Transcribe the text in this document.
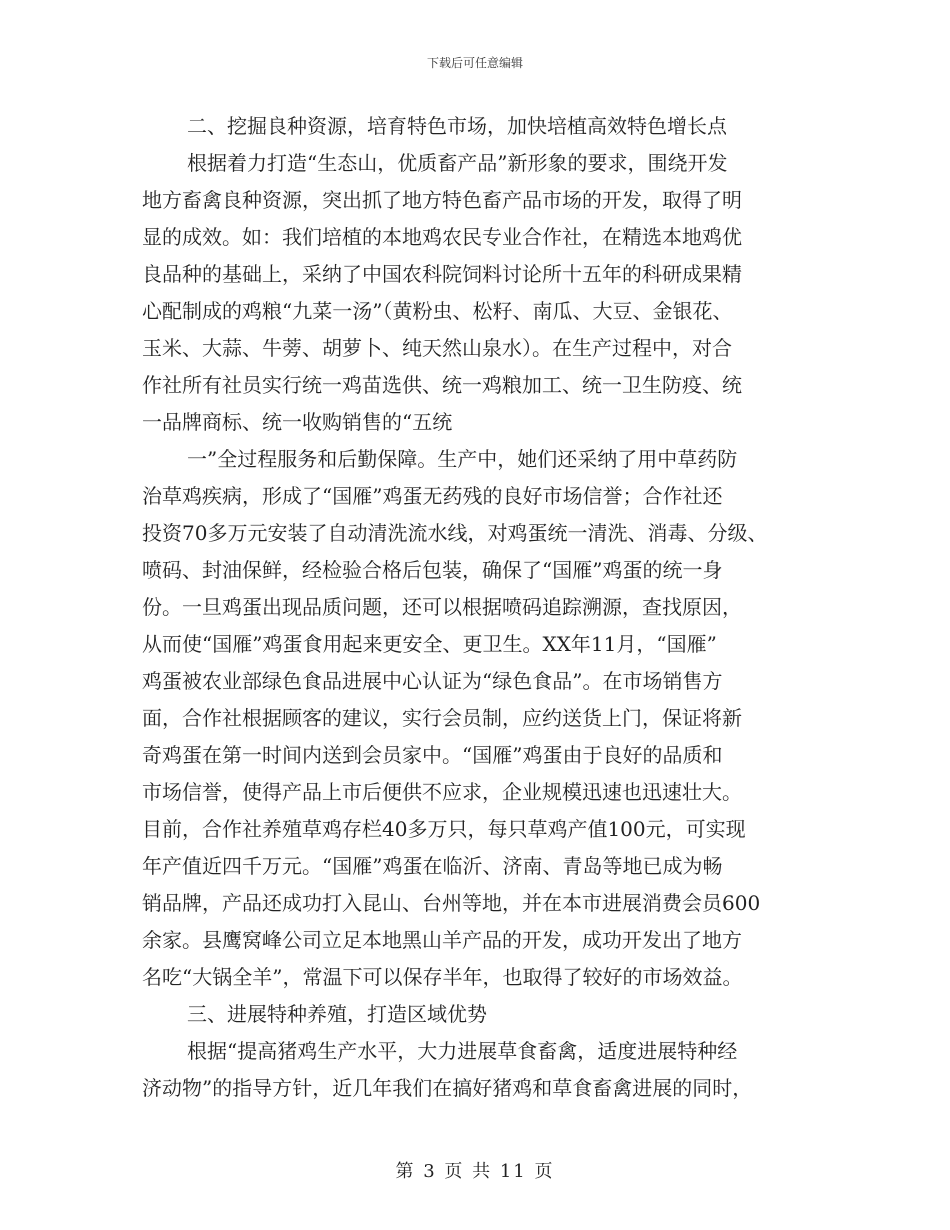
下载后可任意编辑
二、挖掘良种资源，培育特色市场，加快培植高效特色增长点
根据着力打造“生态山，优质畜产品”新形象的要求，围绕开发
地方畜禽良种资源，突出抓了地方特色畜产品市场的开发，取得了明
显的成效。如：我们培植的本地鸡农民专业合作社，在精选本地鸡优
良品种的基础上，采纳了中国农科院饲料讨论所十五年的科研成果精
心配制成的鸡粮“九菜一汤”（黄粉虫、松籽、南瓜、大豆、金银花、
玉米、大蒜、牛蒡、胡萝卜、纯天然山泉水）。在生产过程中，对合
作社所有社员实行统一鸡苗选供、统一鸡粮加工、统一卫生防疫、统
一品牌商标、统一收购销售的“五统
一”全过程服务和后勤保障。生产中，她们还采纳了用中草药防
治草鸡疾病，形成了“国雁”鸡蛋无药残的良好市场信誉；合作社还
投资70多万元安装了自动清洗流水线，对鸡蛋统一清洗、消毒、分级、
喷码、封油保鲜，经检验合格后包装，确保了“国雁”鸡蛋的统一身
份。一旦鸡蛋出现品质问题，还可以根据喷码追踪溯源，查找原因，
从而使“国雁”鸡蛋食用起来更安全、更卫生。XX年11月，“国雁”
鸡蛋被农业部绿色食品进展中心认证为“绿色食品”。在市场销售方
面，合作社根据顾客的建议，实行会员制，应约送货上门，保证将新
奇鸡蛋在第一时间内送到会员家中。“国雁”鸡蛋由于良好的品质和
市场信誉，使得产品上市后便供不应求，企业规模迅速也迅速壮大。
目前，合作社养殖草鸡存栏40多万只，每只草鸡产值100元，可实现
年产值近四千万元。“国雁”鸡蛋在临沂、济南、青岛等地已成为畅
销品牌，产品还成功打入昆山、台州等地，并在本市进展消费会员600
余家。县鹰窝峰公司立足本地黑山羊产品的开发，成功开发出了地方
名吃“大锅全羊”，常温下可以保存半年，也取得了较好的市场效益。
三、进展特种养殖，打造区域优势
根据“提高猪鸡生产水平，大力进展草食畜禽，适度进展特种经
济动物”的指导方针，近几年我们在搞好猪鸡和草食畜禽进展的同时，
第 3 页 共 11 页
